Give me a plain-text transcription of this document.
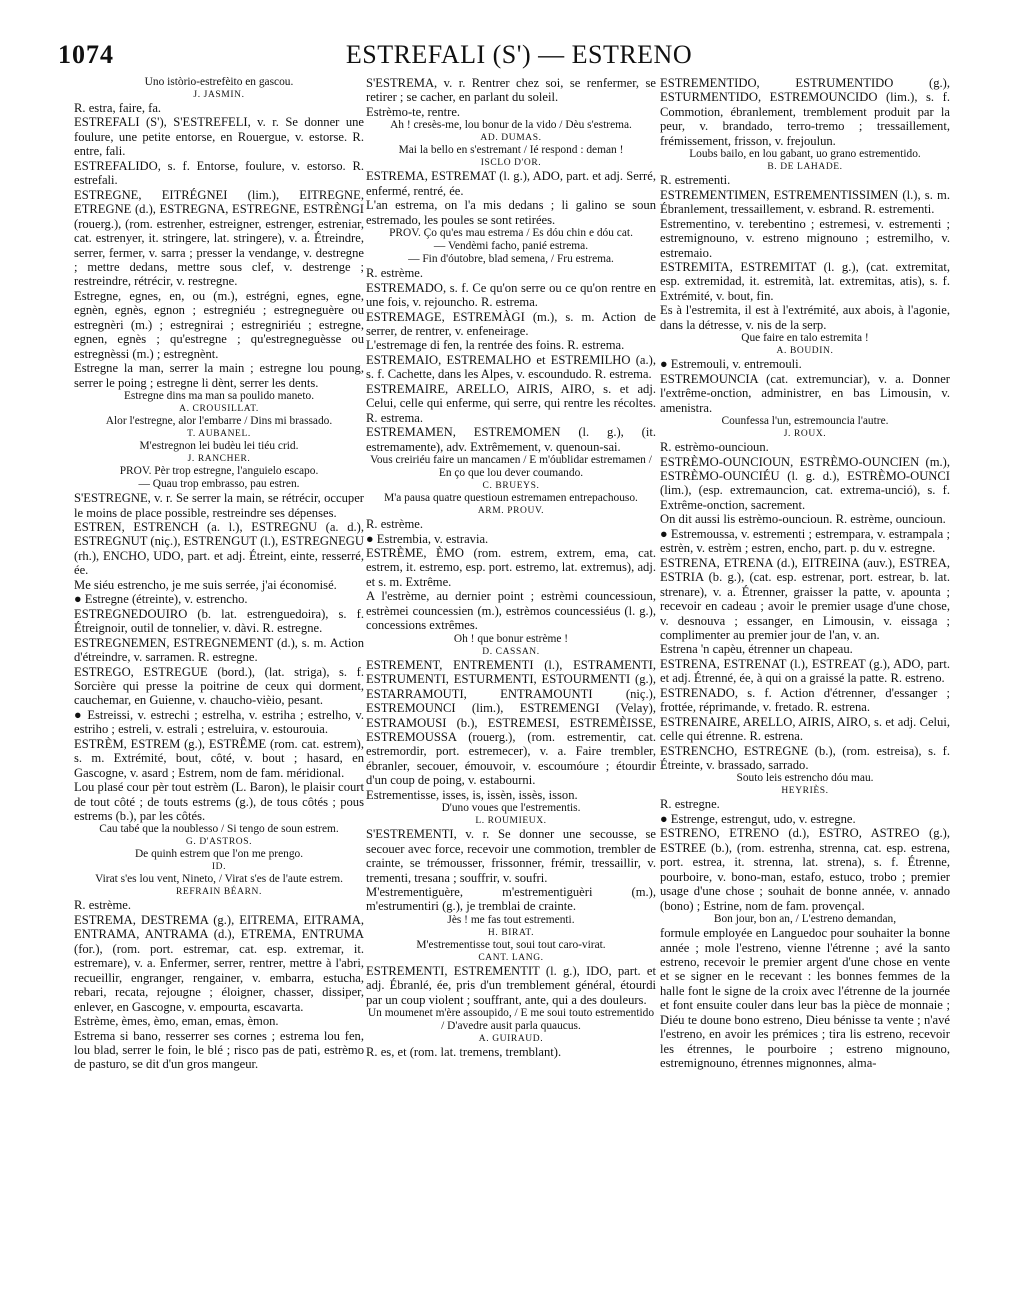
1074	ESTREFALI (S') — ESTRENO

Uno istòrio-estrefèito en gascou.

J. JASMIN.

R. estra, faire, fa.

ESTREFALI (S'), S'ESTREFELI, v. r. Se donner une foulure, une petite entorse, en Rouergue, v. estorse. R. entre, fali.

ESTREFALIDO, s. f. Entorse, foulure, v. estorso. R. estrefali.

ESTREGNE, EITRÉGNEI (lim.), EITREGNE, ETREGNE (d.), ESTREGNA, ESTREGNE, ESTRÈNGI (rouerg.), (rom. estrenher, estreigner, estrenger, estreniar, cat. estrenyer, it. stringere, lat. stringere), v. a. Étreindre, serrer, fermer, v. sarra ; presser la vendange, v. destregne ; mettre dedans, mettre sous clef, v. destrenge ; restreindre, rétrécir, v. restregne.

Estregne, egnes, en, ou (m.), estrégni, egnes, egne, egnèn, egnès, egnon ; estregniéu ; estregneguère ou estregnèri (m.) ; estregnirai ; estregniriéu ; estregne, egnen, egnès ; qu'estregne ; qu'estregneguèsse ou estregnèssi (m.) ; estregnènt.

Estregne la man, serrer la main ; estregne lou poung, serrer le poing ; estregne li dènt, serrer les dents.

Estregne dins ma man sa poulido maneto.

A. CROUSILLAT.

Alor l'estregne, alor l'embarre / Dins mi brassado.

T. AUBANEL.

M'estregnon lei budèu lei tiéu crid.

J. RANCHER.

PROV. Pèr trop estregne, l'anguielo escapo.

— Quau trop embrasso, pau estren.

S'ESTREGNE, v. r. Se serrer la main, se rétrécir, occuper le moins de place possible, restreindre ses dépenses.

ESTREN, ESTRENCH (a. l.), ESTREGNU (a. d.), ESTREGNUT (niç.), ESTRENGUT (l.), ESTREGNEGU (rh.), ENCHO, UDO, part. et adj. Étreint, einte, resserré, ée.

Me siéu estrencho, je me suis serrée, j'ai économisé.

● Estregne (étreinte), v. estrencho.

ESTREGNEDOUIRO (b. lat. estrenguedoira), s. f. Étreignoir, outil de tonnelier, v. dàvi. R. estregne.

ESTREGNEMEN, ESTREGNEMENT (d.), s. m. Action d'étreindre, v. sarramen. R. estregne.

ESTREGO, ESTREGUE (bord.), (lat. striga), s. f. Sorcière qui presse la poitrine de ceux qui dorment, cauchemar, en Guienne, v. chaucho-vièio, pesant.

● Estreissi, v. estrechi ; estrelha, v. estriha ; estrelho, v. estriho ; estreli, v. estrali ; estreluira, v. estourouia.

ESTRÈM, ESTREM (g.), ESTRÊME (rom. cat. estrem), s. m. Extrémité, bout, côté, v. bout ; hasard, en Gascogne, v. asard ; Estrem, nom de fam. méridional.

Lou plasé cour pèr tout estrèm (L. Baron), le plaisir court de tout côté ; de touts estrems (g.), de tous côtés ; pous estrems (b.), par les côtés.

Cau tabé que la noublesso / Si tengo de soun estrem.

G. D'ASTROS.

De quinh estrem que l'on me prengo.

ID.

Virat s'es lou vent, Nineto, / Virat s'es de l'aute estrem.

REFRAIN BÉARN.

R. estrème.

ESTREMA, DESTREMA (g.), EITREMA, EITRAMA, ENTRAMA, ANTRAMA (d.), ETREMA, ENTRUMA (for.), (rom. port. estremar, cat. esp. extremar, it. estremare), v. a. Enfermer, serrer, rentrer, mettre à l'abri, recueillir, engranger, rengainer, v. embarra, estucha, rebari, recata, rejougne ; éloigner, chasser, dissiper, enlever, en Gascogne, v. empourta, escavarta.

Estrème, èmes, èmo, eman, emas, èmon.

Estrema si bano, resserrer ses cornes ; estrema lou fen, lou blad, serrer le foin, le blé ; risco pas de pati, estrèmo de pasturo, se dit d'un gros mangeur.

S'ESTREMA, v. r. Rentrer chez soi, se renfermer, se retirer ; se cacher, en parlant du soleil.

Estrèmo-te, rentre.

Ah ! cresès-me, lou bonur de la vido / Dèu s'estrema.

AD. DUMAS.

Mai la bello en s'estremant / Ié respond : deman !

ISCLO D'OR.

ESTREMA, ESTREMAT (l. g.), ADO, part. et adj. Serré, enfermé, rentré, ée.

L'an estrema, on l'a mis dedans ; li galino se soun estremado, les poules se sont retirées.

PROV. Ço qu'es mau estrema / Es dóu chin e dóu cat.

— Vendèmi facho, panié estrema.

— Fin d'óutobre, blad semena, / Fru estrema.

R. estrème.

ESTREMADO, s. f. Ce qu'on serre ou ce qu'on rentre en une fois, v. rejouncho. R. estrema.

ESTREMAGE, ESTREMÀGI (m.), s. m. Action de serrer, de rentrer, v. enfeneirage.

L'estremage di fen, la rentrée des foins. R. estrema.

ESTREMAIO, ESTREMALHO et ESTREMILHO (a.), s. f. Cachette, dans les Alpes, v. escoundudo. R. estrema.

ESTREMAIRE, ARELLO, AIRIS, AIRO, s. et adj. Celui, celle qui enferme, qui serre, qui rentre les récoltes. R. estrema.

ESTREMAMEN, ESTREMOMEN (l. g.), (it. estremamente), adv. Extrêmement, v. quenoun-sai.

Vous creiriéu faire un mancamen / E m'óublidar estremamen / En ço que lou dever coumando.

C. BRUEYS.

M'a pausa quatre questioun estremamen entrepachouso.

ARM. PROUV.

R. estrème.

● Estrembia, v. estravia.

ESTRÈME, ÈMO (rom. estrem, extrem, ema, cat. estrem, it. estremo, esp. port. estremo, lat. extremus), adj. et s. m. Extrême.

A l'estrème, au dernier point ; estrèmi councessioun, estrèmei councessien (m.), estrèmos councessiéus (l. g.), concessions extrêmes.

Oh ! que bonur estrème !

D. CASSAN.

ESTREMENT, ENTREMENTI (l.), ESTRAMENTI, ESTRUMENTI, ESTURMENTI, ESTOURMENTI (g.), ESTARRAMOUTI, ENTRAMOUNTI (niç.), ESTREMOUNCI (lim.), ESTREMENGI (Velay), ESTRAMOUSI (b.), ESTREMESI, ESTREMÈISSE, ESTREMOUSSA (rouerg.), (rom. estrementir, cat. estremordir, port. estremecer), v. a. Faire trembler, ébranler, secouer, émouvoir, v. escoumóure ; étourdir d'un coup de poing, v. estabourni.

Estrementisse, isses, is, issèn, issès, isson.

D'uno voues que l'estrementis.

L. ROUMIEUX.

S'ESTREMENTI, v. r. Se donner une secousse, se secouer avec force, recevoir une commotion, trembler de crainte, se trémousser, frissonner, frémir, tressaillir, v. trementi, tresana ; souffrir, v. soufri.

M'estrementiguère, m'estrementiguèri (m.), m'estrumentiri (g.), je tremblai de crainte.

Jès ! me fas tout estrementi.

H. BIRAT.

M'estrementisse tout, soui tout caro-virat.

CANT. LANG.

ESTREMENTI, ESTREMENTIT (l. g.), IDO, part. et adj. Ébranlé, ée, pris d'un tremblement général, étourdi par un coup violent ; souffrant, ante, qui a des douleurs.

Un moumenet m'ère assoupido, / E me soui touto estrementido / D'avedre ausit parla quaucus.

A. GUIRAUD.

R. es, et (rom. lat. tremens, tremblant).

ESTREMENTIDO, ESTRUMENTIDO (g.), ESTURMENTIDO, ESTREMOUNCIDO (lim.), s. f. Commotion, ébranlement, tremblement produit par la peur, v. brandado, terro-tremo ; tressaillement, frémissement, frisson, v. frejoulun.

Loubs bailo, en lou gabant, uo grano estrementido.

B. DE LAHADE.

R. estrementi.

ESTREMENTIMEN, ESTREMENTISSIMEN (l.), s. m. Ébranlement, tressaillement, v. esbrand. R. estrementi.

Estrementino, v. terebentino ; estremesi, v. estrementi ; estremignouno, v. estreno mignouno ; estremilho, v. estremaio.

ESTREMITA, ESTREMITAT (l. g.), (cat. extremitat, esp. extremidad, it. estremità, lat. extremitas, atis), s. f. Extrémité, v. bout, fin.

Es à l'estremita, il est à l'extrémité, aux abois, à l'agonie, dans la détresse, v. nis de la serp.

Que faire en talo estremita !

A. BOUDIN.

● Estremouli, v. entremouli.

ESTREMOUNCIA (cat. extremunciar), v. a. Donner l'extrême-onction, administrer, en bas Limousin, v. amenistra.

Counfessa l'un, estremouncia l'autre.

J. ROUX.

R. estrèmo-ouncioun.

ESTRÈMO-OUNCIOUN, ESTRÈMO-OUNCIEN (m.), ESTRÈMO-OUNCIÉU (l. g. d.), ESTRÈMO-OUNCI (lim.), (esp. extremauncion, cat. extrema-unció), s. f. Extrême-onction, sacrement.

On dit aussi lis estrèmo-ouncioun. R. estrème, ouncioun.

● Estremoussa, v. estrementi ; estrempara, v. estrampala ; estrèn, v. estrèm ; estren, encho, part. p. du v. estregne.

ESTRENA, ETRENA (d.), EITREINA (auv.), ESTREA, ESTRIA (b. g.), (cat. esp. estrenar, port. estrear, b. lat. strenare), v. a. Étrenner, graisser la patte, v. apounta ; recevoir en cadeau ; avoir le premier usage d'une chose, v. desnouva ; essanger, en Limousin, v. eissaga ; complimenter au premier jour de l'an, v. an.

Estrena 'n capèu, étrenner un chapeau.

ESTRENA, ESTRENAT (l.), ESTREAT (g.), ADO, part. et adj. Étrenné, ée, à qui on a graissé la patte. R. estreno.

ESTRENADO, s. f. Action d'étrenner, d'essanger ; frottée, réprimande, v. fretado. R. estrena.

ESTRENAIRE, ARELLO, AIRIS, AIRO, s. et adj. Celui, celle qui étrenne. R. estrena.

ESTRENCHO, ESTREGNE (b.), (rom. estreisa), s. f. Étreinte, v. brassado, sarrado.

Souto leis estrencho dóu mau.

HEYRIÈS.

R. estregne.

● Estrenge, estrengut, udo, v. estregne.

ESTRENO, ETRENO (d.), ESTRO, ASTREO (g.), ESTREE (b.), (rom. estrenha, strenna, cat. esp. estrena, port. estrea, it. strenna, lat. strena), s. f. Étrenne, pourboire, v. bono-man, estafo, estuco, trobo ; premier usage d'une chose ; souhait de bonne année, v. annado (bono) ; Estrine, nom de fam. provençal.

Bon jour, bon an, / L'estreno demandan,

formule employée en Languedoc pour souhaiter la bonne année ; mole l'estreno, vienne l'étrenne ; avé la santo estreno, recevoir le premier argent d'une chose en vente et se signer en le recevant : les bonnes femmes de la halle font le signe de la croix avec l'étrenne de la journée et font ensuite couler dans leur bas la pièce de monnaie ; Diéu te doune bono estreno, Dieu bénisse ta vente ; n'avé l'estreno, en avoir les prémices ; tira lis estreno, recevoir les étrennes, le pourboire ; estreno mignouno, estremignouno, étrennes mignonnes, alma-
